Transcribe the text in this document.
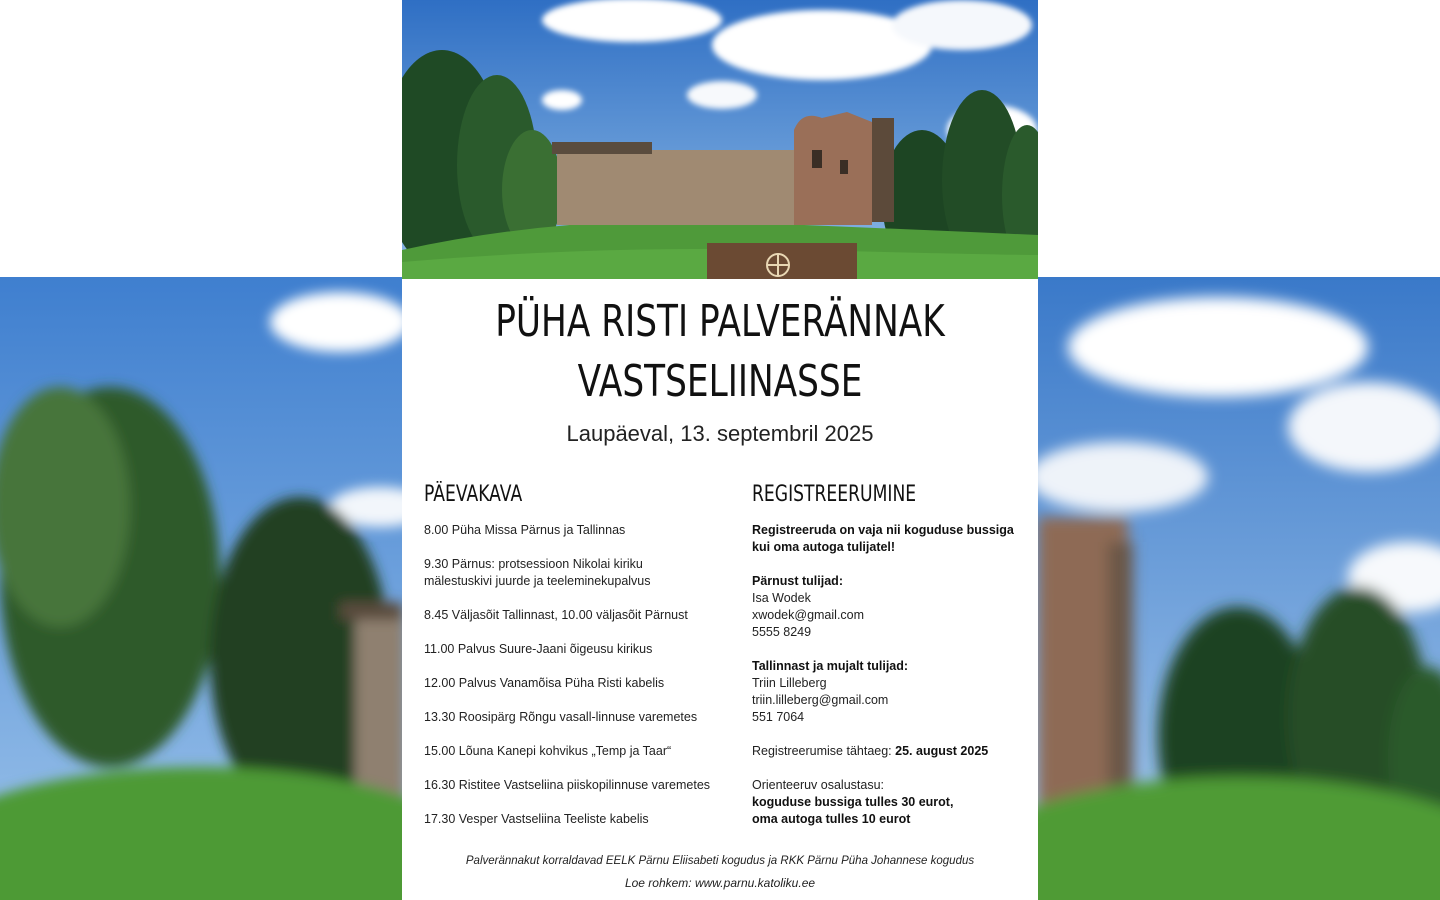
PÜHA RISTI PALVERÄNNAK
VASTSELIINASSE
Laupäeval, 13. septembril 2025
PÄEVAKAVA
8.00 Püha Missa Pärnus ja Tallinnas
9.30 Pärnus: protsessioon Nikolai kiriku mälestuskivi juurde ja teeleminekupalvus
8.45 Väljasõit Tallinnast, 10.00 väljasõit Pärnust
11.00 Palvus Suure-Jaani õigeusu kirikus
12.00 Palvus Vanamõisa Püha Risti kabelis
13.30 Roosipärg Rõngu vasall-linnuse varemetes
15.00 Lõuna Kanepi kohvikus „Temp ja Taar“
16.30 Ristitee Vastseliina piiskopilinnuse varemetes
17.30 Vesper Vastseliina Teeliste kabelis
REGISTREERUMINE

Registreeruda on vaja nii koguduse bussiga kui oma autoga tulijatel!

Pärnust tulijad:

Isa Wodek

xwodek@gmail.com

5555 8249

Tallinnast ja mujalt tulijad:

Triin Lilleberg

triin.lilleberg@gmail.com

551 7064

Registreerumise tähtaeg: 25. august 2025

Orienteeruv osalustasu:

koguduse bussiga tulles 30 eurot,

oma autoga tulles 10 eurot

Palverännakut korraldavad EELK Pärnu Eliisabeti kogudus ja RKK Pärnu Püha Johannese kogudus
Loe rohkem: www.parnu.katoliku.ee
